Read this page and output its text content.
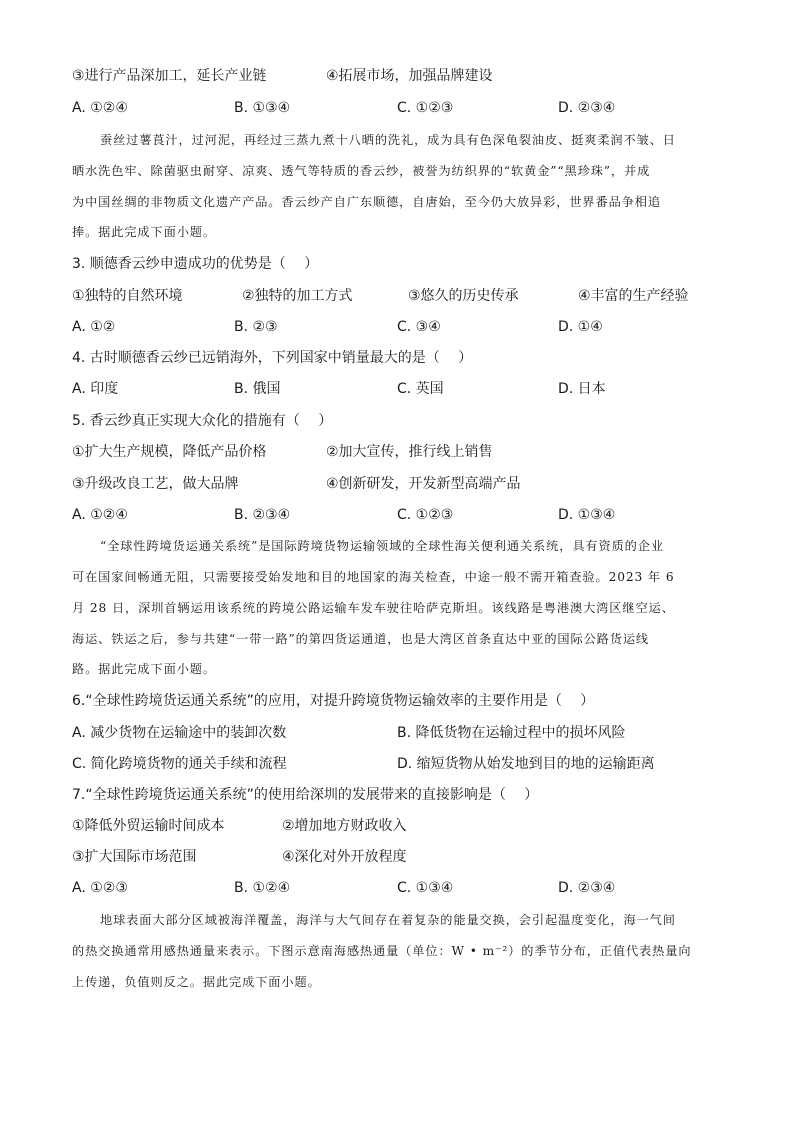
③进行产品深加工，延长产业链	④拓展市场，加强品牌建设
A. ①②④	B. ①③④	C. ①②③	D. ②③④
蚕丝过薯莨汁，过河泥，再经过三蒸九煮十八晒的洗礼，成为具有色深龟裂油皮、挺爽柔润不皱、日
晒水洗色牢、除菌驱虫耐穿、凉爽、透气等特质的香云纱，被誉为纺织界的“软黄金”“黑珍珠”，并成
为中国丝绸的非物质文化遗产产品。香云纱产自广东顺德，自唐始，至今仍大放异彩，世界番品争相追
捧。据此完成下面小题。
3. 顺德香云纱申遗成功的优势是（　 ）
①独特的自然环境	②独特的加工方式	③悠久的历史传承	④丰富的生产经验
A. ①②	B. ②③	C. ③④	D. ①④
4. 古时顺德香云纱已远销海外，下列国家中销量最大的是（　 ）
A. 印度	B. 俄国	C. 英国	D. 日本
5. 香云纱真正实现大众化的措施有（　 ）
①扩大生产规模，降低产品价格	②加大宣传，推行线上销售
③升级改良工艺，做大品牌	④创新研发，开发新型高端产品
A. ①②④	B. ②③④	C. ①②③	D. ①③④
“全球性跨境货运通关系统”是国际跨境货物运输领域的全球性海关便利通关系统，具有资质的企业
可在国家间畅通无阻，只需要接受始发地和目的地国家的海关检查，中途一般不需开箱查验。2023 年 6
月 28 日，深圳首辆运用该系统的跨境公路运输车发车驶往哈萨克斯坦。该线路是粤港澳大湾区继空运、
海运、铁运之后，参与共建“一带一路”的第四货运通道，也是大湾区首条直达中亚的国际公路货运线
路。据此完成下面小题。
6.“全球性跨境货运通关系统”的应用，对提升跨境货物运输效率的主要作用是（　 ）
A. 减少货物在运输途中的装卸次数	B. 降低货物在运输过程中的损坏风险
C. 简化跨境货物的通关手续和流程	D. 缩短货物从始发地到目的地的运输距离
7.“全球性跨境货运通关系统”的使用给深圳的发展带来的直接影响是（　 ）
①降低外贸运输时间成本	②增加地方财政收入
③扩大国际市场范围	④深化对外开放程度
A. ①②③	B. ①②④	C. ①③④	D. ②③④
地球表面大部分区域被海洋覆盖，海洋与大气间存在着复杂的能量交换，会引起温度变化，海一气间
的热交换通常用感热通量来表示。下图示意南海感热通量（单位：W • m⁻²）的季节分布，正值代表热量向
上传递，负值则反之。据此完成下面小题。
